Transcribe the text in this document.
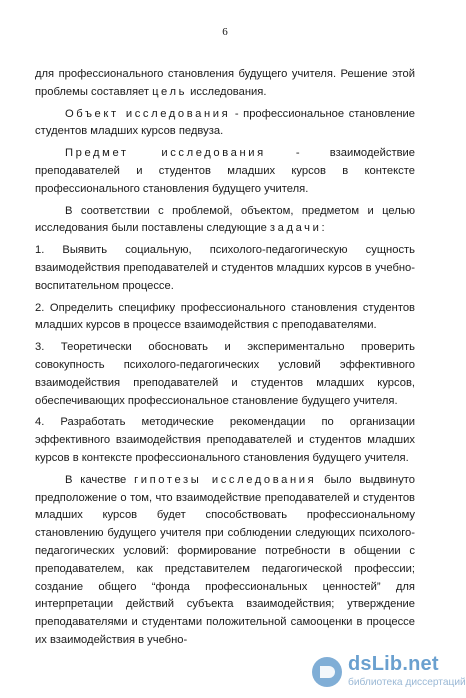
6

для профессионального становления будущего учителя. Решение этой проблемы составляет цель исследования.

Объект исследования - профессиональное становление студентов младших курсов педвуза.

Предмет исследования	- взаимодействие преподавателей и студентов младших курсов в контексте профессионального становления будущего учителя.

В соответствии с проблемой, объектом, предметом и целью исследования были поставлены следующие задачи:

1. Выявить социальную, психолого-педагогическую сущность взаимодействия преподавателей и студентов младших курсов в учебно-воспитательном процессе.

2. Определить специфику профессионального становления студентов младших курсов в процессе взаимодействия с преподавателями.

3. Теоретически обосновать и экспериментально проверить совокупность психолого-педагогических условий эффективного взаимодействия преподавателей и студентов младших курсов, обеспечивающих профессиональное становление будущего учителя.

4. Разработать методические рекомендации по организации эффективного взаимодействия преподавателей и студентов младших курсов в контексте профессионального становления будущего учителя.

В качестве гипотезы исследования было выдвинуто предположение о том, что взаимодействие преподавателей и студентов младших курсов будет способствовать профессиональному становлению будущего учителя при соблюдении следующих психолого-педагогических условий: формирование потребности в общении с преподавателем, как представителем педагогической профессии; создание общего “фонда профессиональных ценностей” для интерпретации действий субъекта взаимодействия; утверждение преподавателями и студентами положительной самооценки в процессе их взаимодействия в учебно-

dsLib.net
библиотека диссертаций
